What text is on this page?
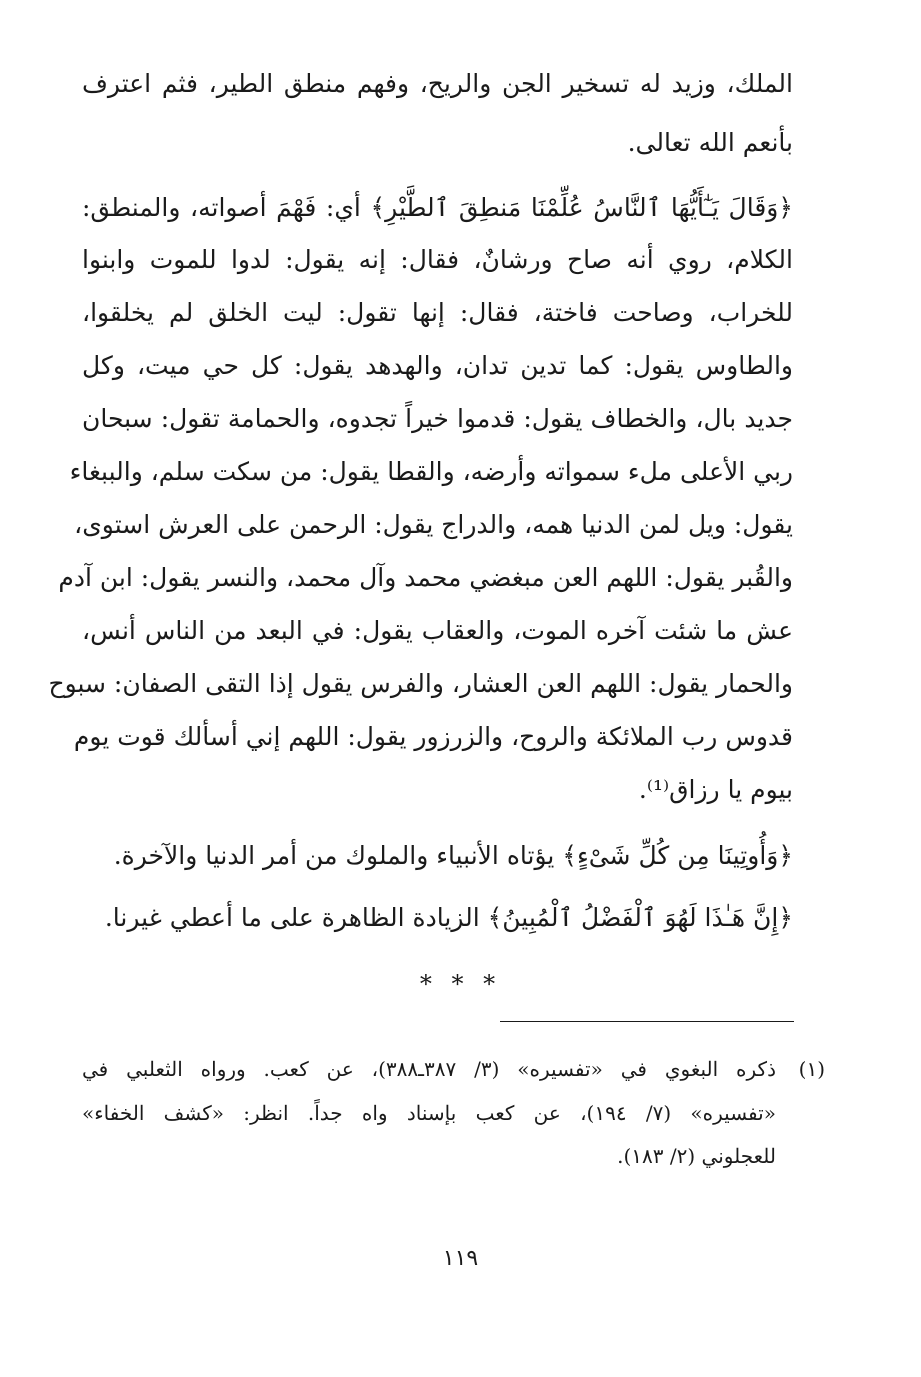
الملك، وزيد له تسخير الجن والريح، وفهم منطق الطير، فثم اعترف
بأنعم الله تعالى.
﴿وَقَالَ يَـٰٓأَيُّهَا ٱلنَّاسُ عُلِّمْنَا مَنطِقَ ٱلطَّيْرِ﴾ أي: فَهْمَ أصواته، والمنطق:
الكلام، روي أنه صاح ورشانٌ، فقال: إنه يقول: لدوا للموت وابنوا
للخراب، وصاحت فاختة، فقال: إنها تقول: ليت الخلق لم يخلقوا،
والطاوس يقول: كما تدين تدان، والهدهد يقول: كل حي ميت، وكل
جديد بال، والخطاف يقول: قدموا خيراً تجدوه، والحمامة تقول: سبحان
ربي الأعلى ملء سمواته وأرضه، والقطا يقول: من سكت سلم، والببغاء
يقول: ويل لمن الدنيا همه، والدراج يقول: الرحمن على العرش استوى،
والقُبر يقول: اللهم العن مبغضي محمد وآل محمد، والنسر يقول: ابن آدم
عش ما شئت آخره الموت، والعقاب يقول: في البعد من الناس أنس،
والحمار يقول: اللهم العن العشار، والفرس يقول إذا التقى الصفان: سبوح
قدوس رب الملائكة والروح، والزرزور يقول: اللهم إني أسألك قوت يوم
بيوم يا رزاق⁽¹⁾.
﴿وَأُوتِينَا مِن كُلِّ شَىْءٍ﴾ يؤتاه الأنبياء والملوك من أمر الدنيا والآخرة.
﴿إِنَّ هَـٰذَا لَهُوَ ٱلْفَضْلُ ٱلْمُبِينُ﴾ الزيادة الظاهرة على ما أعطي غيرنا.
* * *
(١)
ذكره البغوي في «تفسيره» (٣/ ٣٨٧ـ٣٨٨)، عن كعب. ورواه الثعلبي في
«تفسيره» (٧/ ١٩٤)، عن كعب بإسناد واه جداً. انظر: «كشف الخفاء»
للعجلوني (٢/ ١٨٣).
١١٩
